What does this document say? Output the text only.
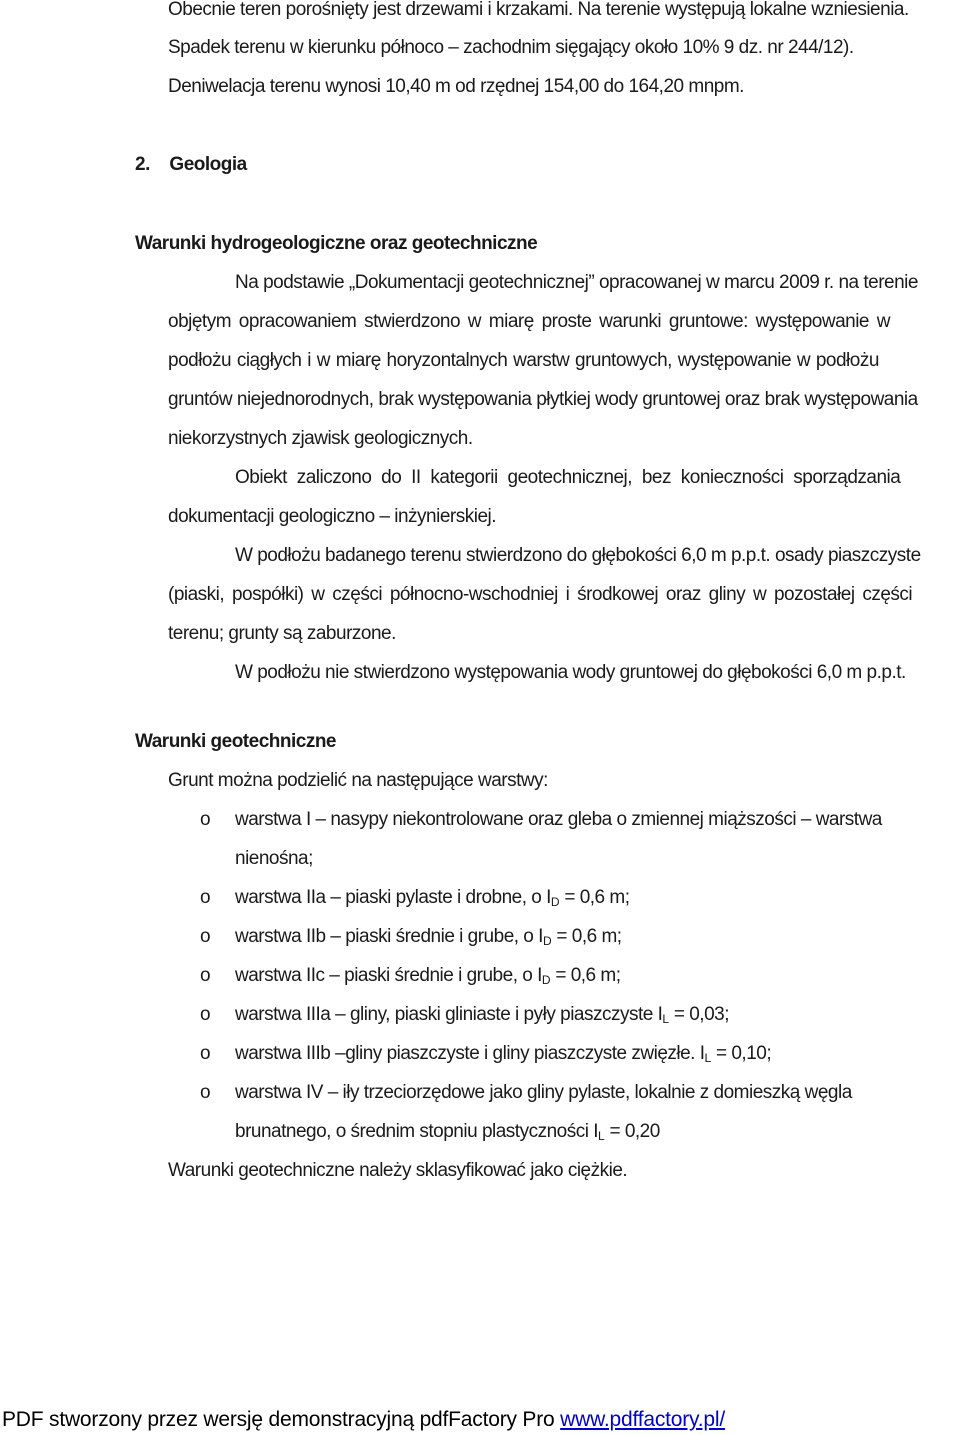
Obecnie teren porośnięty jest drzewami i krzakami. Na terenie występują lokalne wzniesienia.
Spadek terenu w kierunku północo – zachodnim sięgający około 10% 9 dz. nr 244/12).
Deniwelacja terenu wynosi 10,40 m od rzędnej 154,00 do 164,20 mnpm.
2. Geologia
Warunki hydrogeologiczne oraz geotechniczne
Na podstawie „Dokumentacji geotechnicznej” opracowanej w marcu 2009 r. na terenie
objętym opracowaniem stwierdzono w miarę proste warunki gruntowe: występowanie w
podłożu ciągłych i w miarę horyzontalnych warstw gruntowych, występowanie w podłożu
gruntów niejednorodnych, brak występowania płytkiej wody gruntowej oraz brak występowania
niekorzystnych zjawisk geologicznych.
Obiekt zaliczono do II kategorii geotechnicznej, bez konieczności sporządzania
dokumentacji geologiczno – inżynierskiej.
W podłożu badanego terenu stwierdzono do głębokości 6,0 m p.p.t. osady piaszczyste
(piaski, pospółki) w części północno-wschodniej i środkowej oraz gliny w pozostałej części
terenu; grunty są zaburzone.
W podłożu nie stwierdzono występowania wody gruntowej do głębokości 6,0 m p.p.t.
Warunki geotechniczne
Grunt można podzielić na następujące warstwy:
o warstwa I – nasypy niekontrolowane oraz gleba o zmiennej miąższości – warstwa
nienośna;
o warstwa IIa – piaski pylaste i drobne, o $I_D = 0,6$ m;
o warstwa IIb – piaski średnie i grube, o $I_D = 0,6$ m;
o warstwa IIc – piaski średnie i grube, o $I_D = 0,6$ m;
o warstwa IIIa – gliny, piaski gliniaste i pyły piaszczyste $I_L = 0,03$;
o warstwa IIIb –gliny piaszczyste i gliny piaszczyste zwięzłe. $I_L = 0,10$;
o warstwa IV – iły trzeciorzędowe jako gliny pylaste, lokalnie z domieszką węgla
brunatnego, o średnim stopniu plastyczności $I_L = 0,20$
Warunki geotechniczne należy sklasyfikować jako ciężkie.
PDF stworzony przez wersję demonstracyjną pdfFactory Pro www.pdffactory.pl/
